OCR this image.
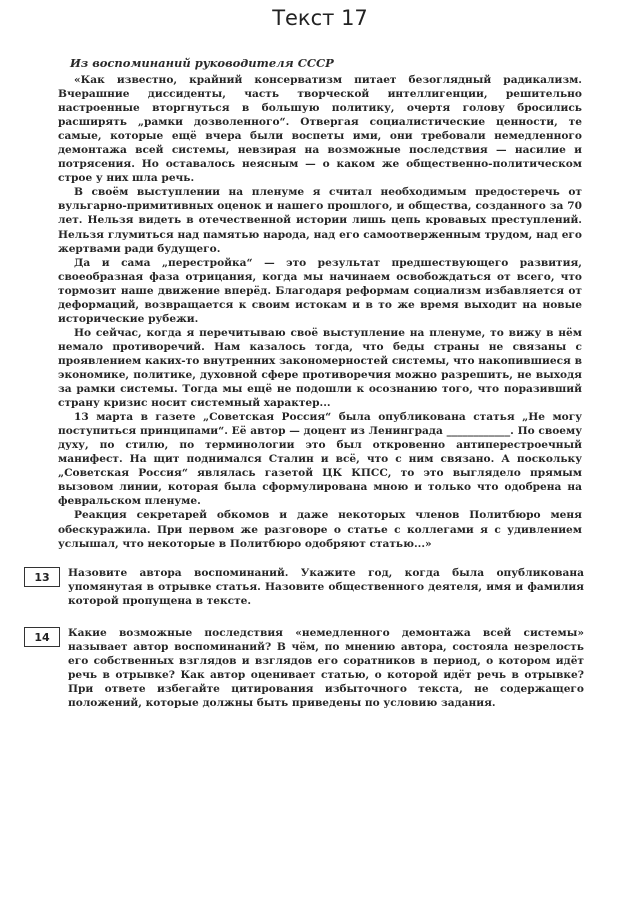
Текст 17
Из воспоминаний руководителя СССР

«Как известно, крайний консерватизм питает безоглядный радикализм. Вчерашние диссиденты, часть творческой интеллигенции, решительно настроенные вторгнуться в большую политику, очертя голову бросились расширять „рамки дозволенного“. Отвергая социалистические ценности, те самые, которые ещё вчера были воспеты ими, они требовали немедленного демонтажа всей системы, невзирая на возможные последствия — насилие и потрясения. Но оставалось неясным — о каком же общественно-политическом строе у них шла речь.

В своём выступлении на пленуме я считал необходимым предостеречь от вульгарно-примитивных оценок и нашего прошлого, и общества, созданного за 70 лет. Нельзя видеть в отечественной истории лишь цепь кровавых преступлений. Нельзя глумиться над памятью народа, над его самоотверженным трудом, над его жертвами ради будущего.

Да и сама „перестройка“ — это результат предшествующего развития, своеобразная фаза отрицания, когда мы начинаем освобождаться от всего, что тормозит наше движение вперёд. Благодаря реформам социализм избавляется от деформаций, возвращается к своим истокам и в то же время выходит на новые исторические рубежи.

Но сейчас, когда я перечитываю своё выступление на пленуме, то вижу в нём немало противоречий. Нам казалось тогда, что беды страны не связаны с проявлением каких-то внутренних закономерностей системы, что накопившиеся в экономике, политике, духовной сфере противоречия можно разрешить, не выходя за рамки системы. Тогда мы ещё не подошли к осознанию того, что поразивший страну кризис носит системный характер...

13 марта в газете „Советская Россия“ была опубликована статья „Не могу поступиться принципами“. Её автор — доцент из Ленинграда ____________. По своему духу, по стилю, по терминологии это был откровенно антиперестроечный манифест. На щит поднимался Сталин и всё, что с ним связано. А поскольку „Советская Россия“ являлась газетой ЦК КПСС, то это выглядело прямым вызовом линии, которая была сформулирована мною и только что одобрена на февральском пленуме.

Реакция секретарей обкомов и даже некоторых членов Политбюро меня обескуражила. При первом же разговоре о статье с коллегами я с удивлением услышал, что некоторые в Политбюро одобряют статью...»

13	Назовите автора воспоминаний. Укажите год, когда была опубликована упомянутая в отрывке статья. Назовите общественного деятеля, имя и фамилия которой пропущена в тексте.
14	Какие возможные последствия «немедленного демонтажа всей системы» называет автор воспоминаний? В чём, по мнению автора, состояла незрелость его собственных взглядов и взглядов его соратников в период, о котором идёт речь в отрывке? Как автор оценивает статью, о которой идёт речь в отрывке? При ответе избегайте цитирования избыточного текста, не содержащего положений, которые должны быть приведены по условию задания.
